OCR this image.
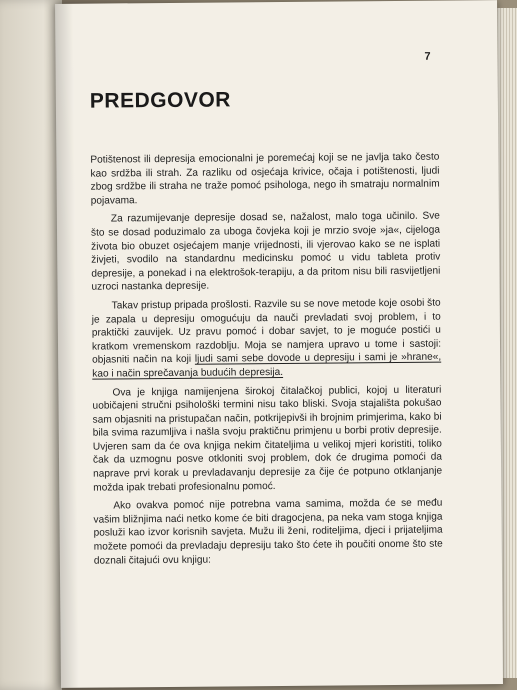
7
PREDGOVOR

Potištenost ili depresija emocionalni je poremećaj koji se ne javlja tako često kao srdžba ili strah. Za razliku od osjećaja krivice, očaja i potištenosti, ljudi zbog srdžbe ili straha ne traže pomoć psihologa, nego ih smatraju normalnim pojavama.

Za razumijevanje depresije dosad se, nažalost, malo toga učinilo. Sve što se dosad poduzimalo za uboga čovjeka koji je mrzio svoje »ja«, cijeloga života bio obuzet osjećajem manje vrijednosti, ili vjerovao kako se ne isplati živjeti, svodilo na standardnu medicinsku pomoć u vidu tableta protiv depresije, a ponekad i na elektrošok-terapiju, a da pritom nisu bili rasvijetljeni uzroci nastanka depresije.

Takav pristup pripada prošlosti. Razvile su se nove metode koje osobi što je zapala u depresiju omogućuju da nauči prevladati svoj problem, i to praktički zauvijek. Uz pravu pomoć i dobar savjet, to je moguće postići u kratkom vremenskom razdoblju. Moja se namjera upravo u tome i sastoji: objasniti način na koji ljudi sami sebe dovode u depresiju i sami je »hrane«, kao i način sprečavanja budućih depresija.

Ova je knjiga namijenjena širokoj čitalačkoj publici, kojoj u literaturi uobičajeni stručni psihološki termini nisu tako bliski. Svoja stajališta pokušao sam objasniti na pristupačan način, potkrijepivši ih brojnim primjerima, kako bi bila svima razumljiva i našla svoju praktičnu primjenu u borbi protiv depresije. Uvjeren sam da će ova knjiga nekim čitateljima u velikoj mjeri koristiti, toliko čak da uzmognu posve otkloniti svoj problem, dok će drugima pomoći da naprave prvi korak u prevladavanju depresije za čije će potpuno otklanjanje možda ipak trebati profesionalnu pomoć.

Ako ovakva pomoć nije potrebna vama samima, možda će se među vašim bližnjima naći netko kome će biti dragocjena, pa neka vam stoga knjiga posluži kao izvor korisnih savjeta. Mužu ili ženi, roditeljima, djeci i prijateljima možete pomoći da prevladaju depresiju tako što ćete ih poučiti onome što ste doznali čitajući ovu knjigu:
